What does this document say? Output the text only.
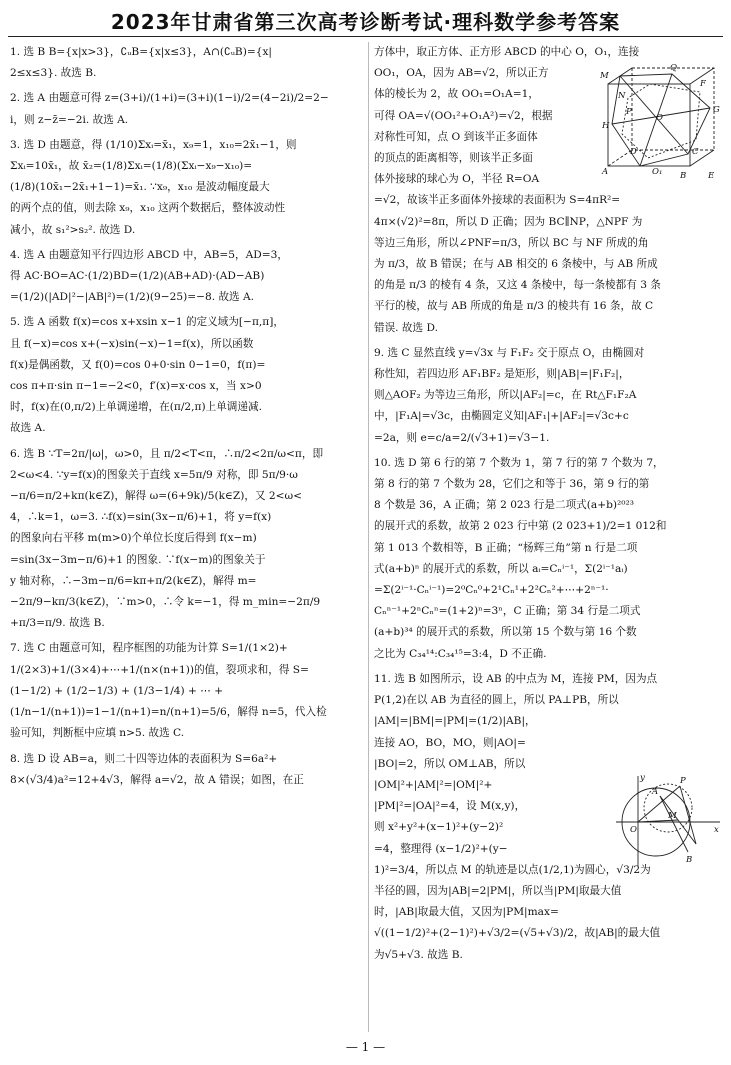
2023年甘肃省第三次高考诊断考试·理科数学参考答案
1. 选 B B={x|x>3}，∁ᵤB={x|x≤3}，A∩(∁ᵤB)={x|
2≤x≤3}. 故选 B.
2. 选 A 由题意可得 z=(3+i)/(1+i)=(3+i)(1−i)/2=(4−2i)/2=2−
i，则 z−z̄=−2i. 故选 A.
3. 选 D 由题意，得 (1/10)Σxᵢ=x̄₁，x₉=1，x₁₀=2x̄₁−1，则
Σxᵢ=10x̄₁，故 x̄₂=(1/8)Σxᵢ=(1/8)(Σxᵢ−x₉−x₁₀)=
(1/8)(10x̄₁−2x̄₁+1−1)=x̄₁. ∵x₉，x₁₀ 是波动幅度最大
的两个点的值，则去除 x₉，x₁₀ 这两个数据后，整体波动性
减小，故 s₁²>s₂². 故选 D.
4. 选 A 由题意知平行四边形 ABCD 中，AB=5，AD=3，
得 AC·BO=AC·(1/2)BD=(1/2)(AB+AD)·(AD−AB)
=(1/2)(|AD|²−|AB|²)=(1/2)(9−25)=−8. 故选 A.
5. 选 A 函数 f(x)=cos x+xsin x−1 的定义域为[−π,π]，
且 f(−x)=cos x+(−x)sin(−x)−1=f(x)，所以函数
f(x)是偶函数，又 f(0)=cos 0+0·sin 0−1=0，f(π)=
cos π+π·sin π−1=−2<0，f′(x)=x·cos x，当 x>0
时，f(x)在(0,π/2)上单调递增，在(π/2,π)上单调递减.
故选 A.
6. 选 B ∵T=2π/|ω|，ω>0，且 π/2<T<π，∴π/2<2π/ω<π，即
2<ω<4. ∵y=f(x)的图象关于直线 x=5π/9 对称，即 5π/9·ω
−π/6=π/2+kπ(k∈Z)，解得 ω=(6+9k)/5(k∈Z)，又 2<ω<
4，∴k=1，ω=3. ∴f(x)=sin(3x−π/6)+1，将 y=f(x)
的图象向右平移 m(m>0)个单位长度后得到 f(x−m)
=sin(3x−3m−π/6)+1 的图象. ∵f(x−m)的图象关于
y 轴对称，∴−3m−π/6=kπ+π/2(k∈Z)，解得 m=
−2π/9−kπ/3(k∈Z)，∵m>0，∴令 k=−1，得 m_min=−2π/9
+π/3=π/9. 故选 B.
7. 选 C 由题意可知，程序框图的功能为计算 S=1/(1×2)+
1/(2×3)+1/(3×4)+⋯+1/(n×(n+1))的值，裂项求和，得 S=
(1−1/2) + (1/2−1/3) + (1/3−1/4) + ⋯ +
(1/n−1/(n+1))=1−1/(n+1)=n/(n+1)=5/6，解得 n=5，代入检
验可知，判断框中应填 n>5. 故选 C.
8. 选 D 设 AB=a，则二十四等边体的表面积为 S=6a²+
8×(√3/4)a²=12+4√3，解得 a=√2，故 A 错误；如图，在正
方体中，取正方体、正方形 ABCD 的中心 O，O₁，连接
OO₁，OA，因为 AB=√2，所以正方
体的棱长为 2，故 OO₁=O₁A=1，
可得 OA=√(OO₁²+O₁A²)=√2，根据
对称性可知，点 O 到该半正多面体
的顶点的距离相等，则该半正多面
体外接球的球心为 O，半径 R=OA
=√2，故该半正多面体外接球的表面积为 S=4πR²=
4π×(√2)²=8π，所以 D 正确；因为 BC∥NP，△NPF 为
等边三角形，所以∠PNF=π/3，所以 BC 与 NF 所成的角
为 π/3，故 B 错误；在与 AB 相交的 6 条棱中，与 AB 所成
的角是 π/3 的棱有 4 条，又这 4 条棱中，每一条棱都有 3 条
平行的棱，故与 AB 所成的角是 π/3 的棱共有 16 条，故 C
错误. 故选 D.
9. 选 C 显然直线 y=√3x 与 F₁F₂ 交于原点 O，由椭圆对
称性知，若四边形 AF₁BF₂ 是矩形，则|AB|=|F₁F₂|，
则△AOF₂ 为等边三角形，所以|AF₂|=c，在 Rt△F₁F₂A
中，|F₁A|=√3c，由椭圆定义知|AF₁|+|AF₂|=√3c+c
=2a，则 e=c/a=2/(√3+1)=√3−1.
10. 选 D 第 6 行的第 7 个数为 1，第 7 行的第 7 个数为 7，
第 8 行的第 7 个数为 28，它们之和等于 36，第 9 行的第
8 个数是 36，A 正确；第 2 023 行是二项式(a+b)²⁰²³
的展开式的系数，故第 2 023 行中第 (2 023+1)/2=1 012和
第 1 013 个数相等，B 正确；“杨辉三角”第 n 行是二项
式(a+b)ⁿ 的展开式的系数，所以 aᵢ=Cₙⁱ⁻¹，Σ(2ⁱ⁻¹aᵢ)
=Σ(2ⁱ⁻¹·Cₙⁱ⁻¹)=2⁰Cₙ⁰+2¹Cₙ¹+2²Cₙ²+⋯+2ⁿ⁻¹·
Cₙⁿ⁻¹+2ⁿCₙⁿ=(1+2)ⁿ=3ⁿ，C 正确；第 34 行是二项式
(a+b)³⁴ 的展开式的系数，所以第 15 个数与第 16 个数
之比为 C₃₄¹⁴:C₃₄¹⁵=3:4，D 不正确.
11. 选 B 如图所示，设 AB 的中点为 M，连接 PM，因为点
P(1,2)在以 AB 为直径的圆上，所以 PA⊥PB，所以
|AM|=|BM|=|PM|=(1/2)|AB|，
连接 AO，BO，MO，则|AO|=
|BO|=2，所以 OM⊥AB，所以
|OM|²+|AM|²=|OM|²+
|PM|²=|OA|²=4，设 M(x,y)，
则 x²+y²+(x−1)²+(y−2)²
=4，整理得 (x−1/2)²+(y−
1)²=3/4，所以点 M 的轨迹是以点(1/2,1)为圆心，√3/2为
半径的圆，因为|AB|=2|PM|，所以当|PM|取最大值
时，|AB|取最大值，又因为|PM|max=
√((1−1/2)²+(2−1)²)+√3/2=(√5+√3)/2，故|AB|的最大值
为√5+√3. 故选 B.
M
Q
G
F
H
N
O
P
D	C
A	B
O₁	E
y	P
M
O
A
B
x
— 1 —
